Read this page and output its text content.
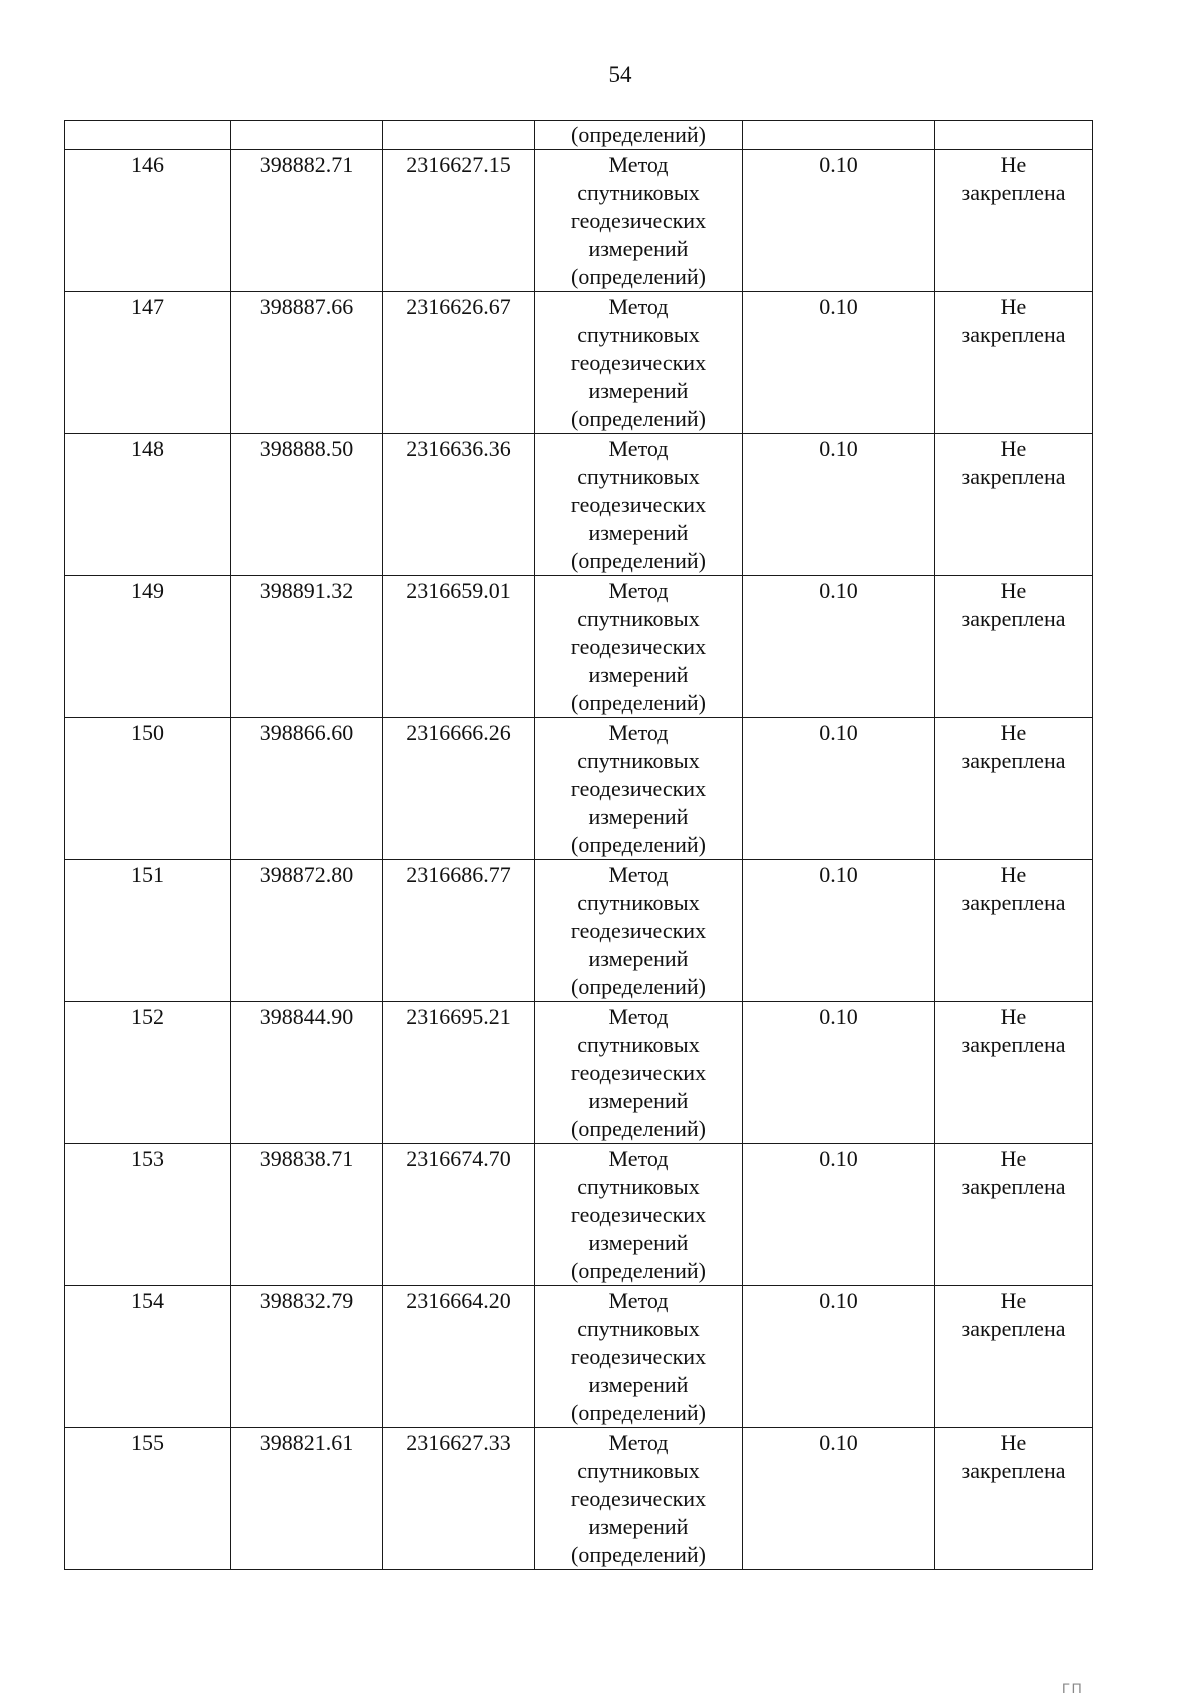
54

			(определений)		

146	398882.71	2316627.15	Метод
спутниковых
геодезических
измерений
(определений)	0.10	Не
закреплена

147	398887.66	2316626.67	Метод
спутниковых
геодезических
измерений
(определений)	0.10	Не
закреплена

148	398888.50	2316636.36	Метод
спутниковых
геодезических
измерений
(определений)	0.10	Не
закреплена

149	398891.32	2316659.01	Метод
спутниковых
геодезических
измерений
(определений)	0.10	Не
закреплена

150	398866.60	2316666.26	Метод
спутниковых
геодезических
измерений
(определений)	0.10	Не
закреплена

151	398872.80	2316686.77	Метод
спутниковых
геодезических
измерений
(определений)	0.10	Не
закреплена

152	398844.90	2316695.21	Метод
спутниковых
геодезических
измерений
(определений)	0.10	Не
закреплена

153	398838.71	2316674.70	Метод
спутниковых
геодезических
измерений
(определений)	0.10	Не
закреплена

154	398832.79	2316664.20	Метод
спутниковых
геодезических
измерений
(определений)	0.10	Не
закреплена

155	398821.61	2316627.33	Метод
спутниковых
геодезических
измерений
(определений)	0.10	Не
закреплена
ГП
